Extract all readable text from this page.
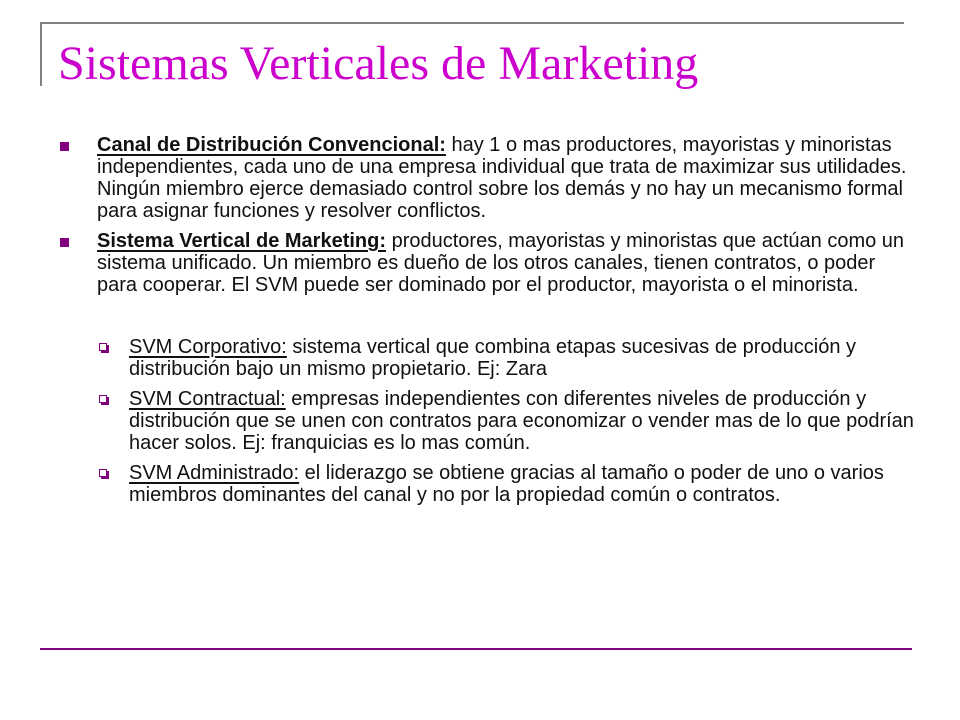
Sistemas Verticales de Marketing
Canal de Distribución Convencional: hay 1 o mas productores, mayoristas y minoristas independientes, cada uno de una empresa individual que trata de maximizar sus utilidades. Ningún miembro ejerce demasiado control sobre los demás y no hay un mecanismo formal para asignar funciones y resolver conflictos.
Sistema Vertical de Marketing: productores, mayoristas y minoristas que actúan como un sistema unificado. Un miembro es dueño de los otros canales, tienen contratos, o poder para cooperar. El SVM puede ser dominado por el productor, mayorista o el minorista.
SVM Corporativo: sistema vertical que combina etapas sucesivas de producción y distribución bajo un mismo propietario. Ej: Zara
SVM Contractual: empresas independientes con diferentes niveles de producción y distribución que se unen con contratos para economizar o vender mas de lo que podrían hacer solos. Ej: franquicias es lo mas común.
SVM Administrado: el liderazgo se obtiene gracias al tamaño o poder de uno o varios miembros dominantes del canal y no por la propiedad común o contratos.
